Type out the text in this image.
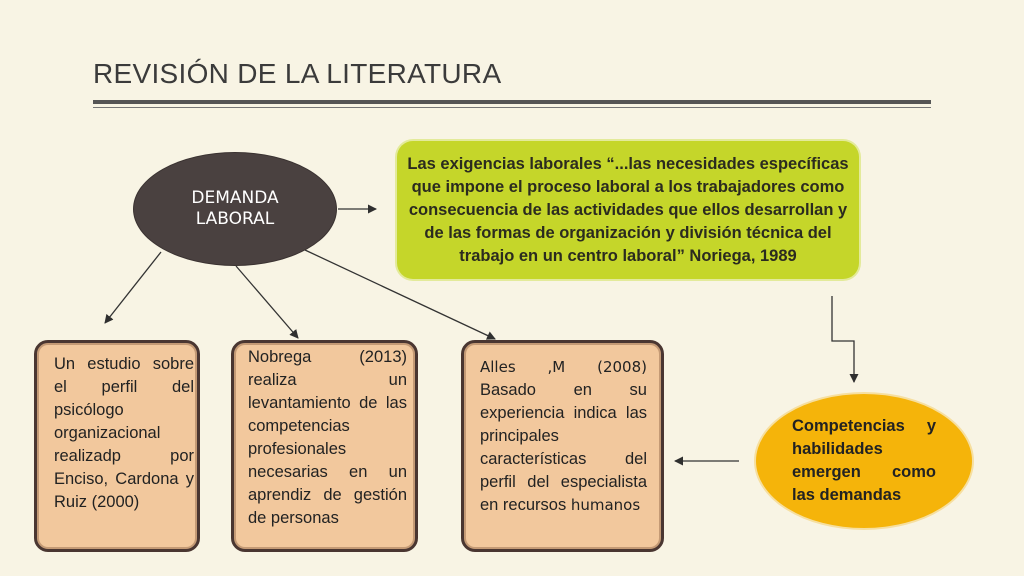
REVISIÓN DE LA LITERATURA
DEMANDA LABORAL
Las exigencias laborales “...las necesidades específicas que impone el proceso laboral a los trabajadores como consecuencia de las actividades que ellos desarrollan y de las formas de organización y división técnica del trabajo en un centro laboral” Noriega, 1989
Un estudio sobre el perfil del psicólogo organizacional realizadp por Enciso, Cardona y Ruiz (2000)
Nobrega (2013) realiza un levantamiento de las competencias profesionales necesarias en un aprendiz de gestión de personas
Alles ,M (2008) Basado en su experiencia indica las principales características del perfil del especialista en recursos humanos
Competencias y habilidades emergen como las demandas
